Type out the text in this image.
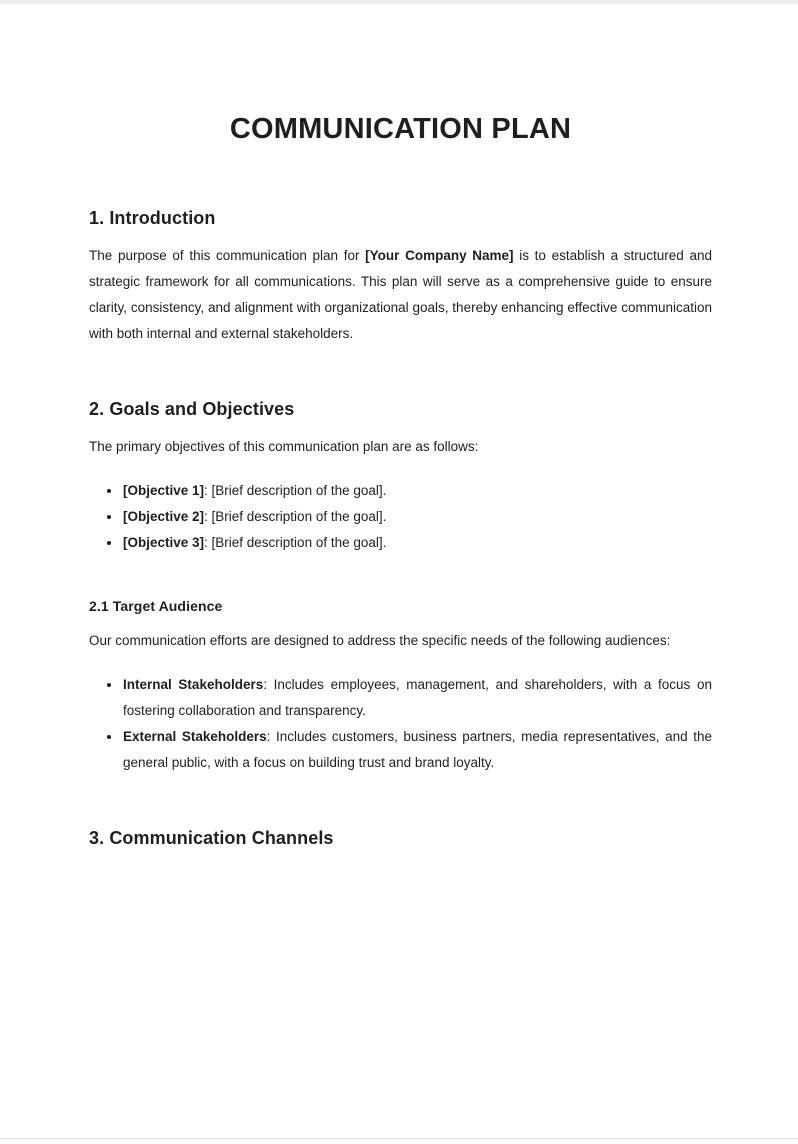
COMMUNICATION PLAN
1. Introduction

The purpose of this communication plan for [Your Company Name] is to establish a structured and strategic framework for all communications. This plan will serve as a comprehensive guide to ensure clarity, consistency, and alignment with organizational goals, thereby enhancing effective communication with both internal and external stakeholders.

2. Goals and Objectives

The primary objectives of this communication plan are as follows:

[Objective 1]: [Brief description of the goal].
[Objective 2]: [Brief description of the goal].
[Objective 3]: [Brief description of the goal].
2.1 Target Audience

Our communication efforts are designed to address the specific needs of the following audiences:

Internal Stakeholders: Includes employees, management, and shareholders, with a focus on fostering collaboration and transparency.
External Stakeholders: Includes customers, business partners, media representatives, and the general public, with a focus on building trust and brand loyalty.
3. Communication Channels
